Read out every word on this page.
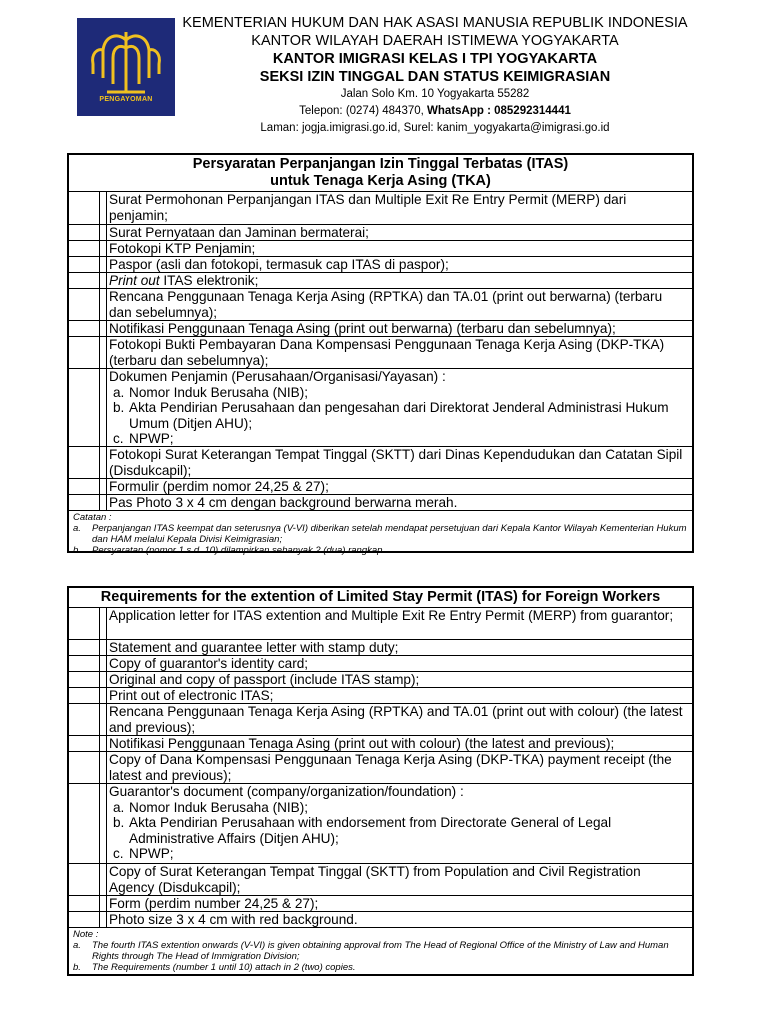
PENGAYOMAN
KEMENTERIAN HUKUM DAN HAK ASASI MANUSIA REPUBLIK INDONESIA
KANTOR WILAYAH DAERAH ISTIMEWA YOGYAKARTA
KANTOR IMIGRASI KELAS I TPI YOGYAKARTA
SEKSI IZIN TINGGAL DAN STATUS KEIMIGRASIAN
Jalan Solo Km. 10 Yogyakarta 55282
Telepon: (0274) 484370, WhatsApp : 085292314441
Laman: jogja.imigrasi.go.id, Surel: kanim_yogyakarta@imigrasi.go.id
Persyaratan Perpanjangan Izin Tinggal Terbatas (ITAS)
untuk Tenaga Kerja Asing (TKA)
Surat Permohonan Perpanjangan ITAS dan Multiple Exit Re Entry Permit (MERP) dari penjamin;
Surat Pernyataan dan Jaminan bermaterai;
Fotokopi KTP Penjamin;
Paspor (asli dan fotokopi, termasuk cap ITAS di paspor);
Print out ITAS elektronik;
Rencana Penggunaan Tenaga Kerja Asing (RPTKA) dan TA.01 (print out berwarna) (terbaru dan sebelumnya);
Notifikasi Penggunaan Tenaga Asing (print out berwarna) (terbaru dan sebelumnya);
Fotokopi Bukti Pembayaran Dana Kompensasi Penggunaan Tenaga Kerja Asing (DKP-TKA) (terbaru dan sebelumnya);
Dokumen Penjamin (Perusahaan/Organisasi/Yayasan) :
a. Nomor Induk Berusaha (NIB);
b. Akta Pendirian Perusahaan dan pengesahan dari Direktorat Jenderal Administrasi Hukum Umum (Ditjen AHU);
c. NPWP;
Fotokopi Surat Keterangan Tempat Tinggal (SKTT) dari Dinas Kependudukan dan Catatan Sipil (Disdukcapil);
Formulir (perdim nomor 24,25 & 27);
Pas Photo 3 x 4 cm dengan background berwarna merah.
Catatan :
a.	Perpanjangan ITAS keempat dan seterusnya (V-VI) diberikan setelah mendapat persetujuan dari Kepala Kantor Wilayah Kementerian Hukum dan HAM melalui Kepala Divisi Keimigrasian;
b.	Persyaratan (nomor 1 s.d. 10) dilampirkan sebanyak 2 (dua) rangkap.
Requirements for the extention of Limited Stay Permit (ITAS) for Foreign Workers
Application letter for ITAS extention and Multiple Exit Re Entry Permit (MERP) from guarantor;
Statement and guarantee letter with stamp duty;
Copy of guarantor's identity card;
Original and copy of passport (include ITAS stamp);
Print out of electronic ITAS;
Rencana Penggunaan Tenaga Kerja Asing (RPTKA) and TA.01 (print out with colour) (the latest and previous);
Notifikasi Penggunaan Tenaga Asing (print out with colour) (the latest and previous);
Copy of Dana Kompensasi Penggunaan Tenaga Kerja Asing (DKP-TKA) payment receipt (the latest and previous);
Guarantor's document (company/organization/foundation) :
a. Nomor Induk Berusaha (NIB);
b. Akta Pendirian Perusahaan with endorsement from Directorate General of Legal Administrative Affairs (Ditjen AHU);
c. NPWP;
Copy of Surat Keterangan Tempat Tinggal (SKTT) from Population and Civil Registration Agency (Disdukcapil);
Form (perdim number 24,25 & 27);
Photo size 3 x 4 cm with red background.
Note :
a.	The fourth ITAS extention onwards (V-VI) is given obtaining approval from The Head of Regional Office of the Ministry of Law and Human Rights through The Head of Immigration Division;
b.	The Requirements (number 1 until 10) attach in 2 (two) copies.
